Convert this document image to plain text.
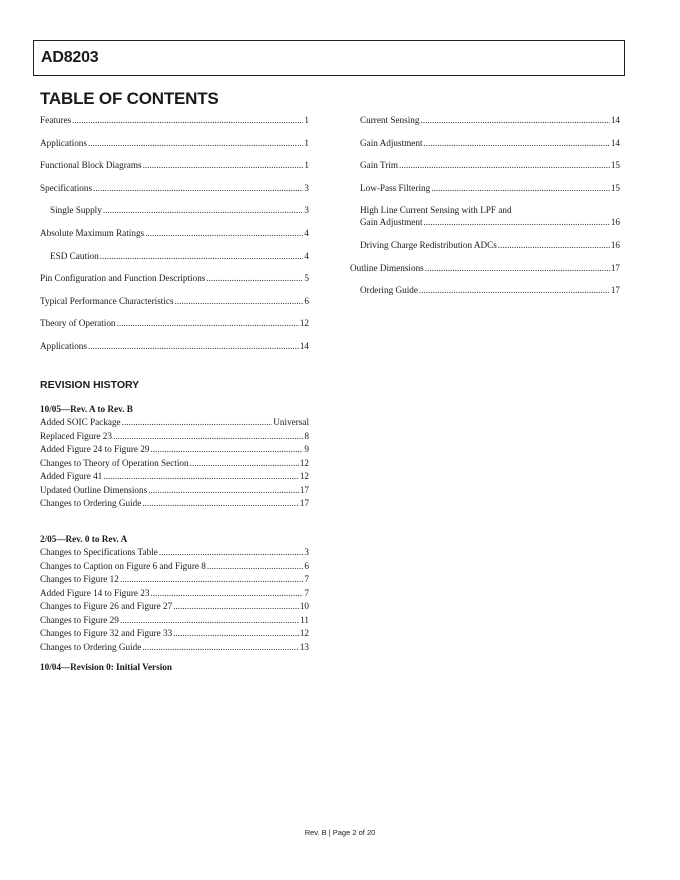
AD8203
TABLE OF CONTENTS
Features .....	1
Applications .....	1
Functional Block Diagrams .....	1
Specifications .....	3
Single Supply .....	3
Absolute Maximum Ratings .....	4
ESD Caution .....	4
Pin Configuration and Function Descriptions .....	5
Typical Performance Characteristics .....	6
Theory of Operation .....	12
Applications .....	14
Current Sensing .....	14
Gain Adjustment .....	14
Gain Trim .....	15
Low-Pass Filtering .....	15
High Line Current Sensing with LPF and
Gain Adjustment .....	16
Driving Charge Redistribution ADCs .....	16
Outline Dimensions .....	17
Ordering Guide .....	17
REVISION HISTORY
10/05—Rev. A to Rev. B
Added SOIC Package .....	Universal
Replaced Figure 23 .....	8
Added Figure 24 to Figure 29 .....	9
Changes to Theory of Operation Section .....	12
Added Figure 41 .....	12
Updated Outline Dimensions .....	17
Changes to Ordering Guide .....	17
2/05—Rev. 0 to Rev. A
Changes to Specifications Table .....	3
Changes to Caption on Figure 6 and Figure 8 .....	6
Changes to Figure 12 .....	7
Added Figure 14 to Figure 23 .....	7
Changes to Figure 26 and Figure 27 .....	10
Changes to Figure 29 .....	11
Changes to Figure 32 and Figure 33 .....	12
Changes to Ordering Guide .....	13
10/04—Revision 0: Initial Version
Rev. B | Page 2 of 20
